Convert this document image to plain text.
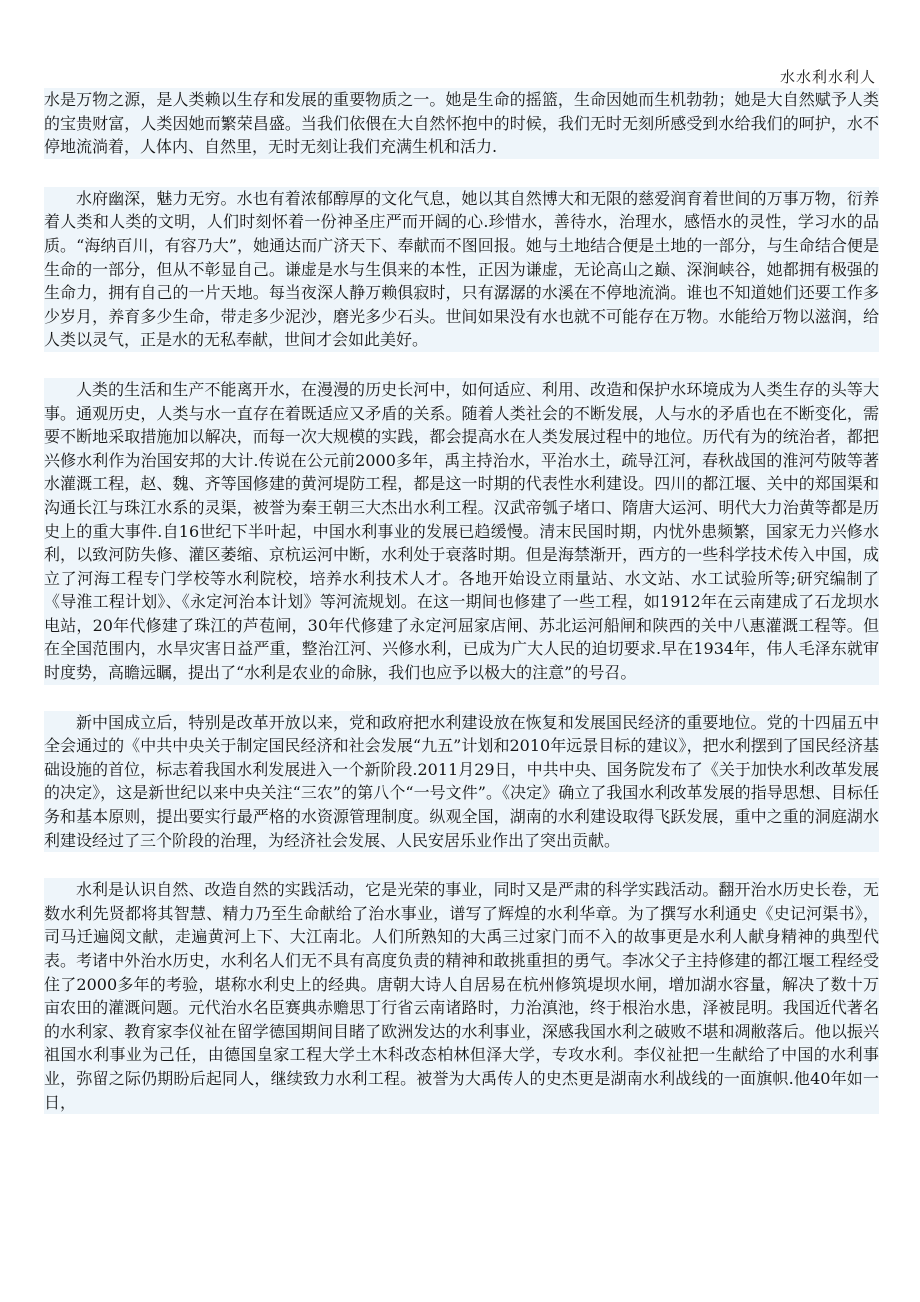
水水利水利人

水是万物之源，是人类赖以生存和发展的重要物质之一。她是生命的摇篮，生命因她而生机勃勃；她是大自然赋予人类的宝贵财富，人类因她而繁荣昌盛。当我们依偎在大自然怀抱中的时候，我们无时无刻所感受到水给我们的呵护，水不停地流淌着，人体内、自然里，无时无刻让我们充满生机和活力.

水府幽深，魅力无穷。水也有着浓郁醇厚的文化气息，她以其自然博大和无限的慈爱润育着世间的万事万物，衍养着人类和人类的文明，人们时刻怀着一份神圣庄严而开阔的心.珍惜水，善待水，治理水，感悟水的灵性，学习水的品质。“海纳百川，有容乃大”，她通达而广济天下、奉献而不图回报。她与土地结合便是土地的一部分，与生命结合便是生命的一部分，但从不彰显自己。谦虚是水与生俱来的本性，正因为谦虚，无论高山之巅、深涧峡谷，她都拥有极强的生命力，拥有自己的一片天地。每当夜深人静万赖俱寂时，只有潺潺的水溪在不停地流淌。谁也不知道她们还要工作多少岁月，养育多少生命，带走多少泥沙，磨光多少石头。世间如果没有水也就不可能存在万物。水能给万物以滋润，给人类以灵气，正是水的无私奉献，世间才会如此美好。

人类的生活和生产不能离开水，在漫漫的历史长河中，如何适应、利用、改造和保护水环境成为人类生存的头等大事。通观历史，人类与水一直存在着既适应又矛盾的关系。随着人类社会的不断发展，人与水的矛盾也在不断变化，需要不断地采取措施加以解决，而每一次大规模的实践，都会提高水在人类发展过程中的地位。历代有为的统治者，都把兴修水利作为治国安邦的大计.传说在公元前2000多年，禹主持治水，平治水土，疏导江河，春秋战国的淮河芍陂等著水灌溉工程，赵、魏、齐等国修建的黄河堤防工程，都是这一时期的代表性水利建设。四川的都江堰、关中的郑国渠和沟通长江与珠江水系的灵渠，被誉为秦王朝三大杰出水利工程。汉武帝瓠子堵口、隋唐大运河、明代大力治黄等都是历史上的重大事件.自16世纪下半叶起，中国水利事业的发展已趋缓慢。清末民国时期，内忧外患频繁，国家无力兴修水利，以致河防失修、灌区萎缩、京杭运河中断，水利处于衰落时期。但是海禁渐开，西方的一些科学技术传入中国，成立了河海工程专门学校等水利院校，培养水利技术人才。各地开始设立雨量站、水文站、水工试验所等;研究编制了《导淮工程计划》、《永定河治本计划》等河流规划。在这一期间也修建了一些工程，如1912年在云南建成了石龙坝水电站，20年代修建了珠江的芦苞闸，30年代修建了永定河屈家店闸、苏北运河船闸和陕西的关中八惠灌溉工程等。但在全国范围内，水旱灾害日益严重，整治江河、兴修水利，已成为广大人民的迫切要求.早在1934年，伟人毛泽东就审时度势，高瞻远瞩，提出了“水利是农业的命脉，我们也应予以极大的注意”的号召。

新中国成立后，特别是改革开放以来，党和政府把水利建设放在恢复和发展国民经济的重要地位。党的十四届五中全会通过的《中共中央关于制定国民经济和社会发展“九五”计划和2010年远景目标的建议》，把水利摆到了国民经济基础设施的首位，标志着我国水利发展进入一个新阶段.2011月29日，中共中央、国务院发布了《关于加快水利改革发展的决定》，这是新世纪以来中央关注“三农”的第八个“一号文件”。《决定》确立了我国水利改革发展的指导思想、目标任务和基本原则，提出要实行最严格的水资源管理制度。纵观全国，湖南的水利建设取得飞跃发展，重中之重的洞庭湖水利建设经过了三个阶段的治理，为经济社会发展、人民安居乐业作出了突出贡献。

水利是认识自然、改造自然的实践活动，它是光荣的事业，同时又是严肃的科学实践活动。翻开治水历史长卷，无数水利先贤都将其智慧、精力乃至生命献给了治水事业，谱写了辉煌的水利华章。为了撰写水利通史《史记河渠书》，司马迁遍阅文献，走遍黄河上下、大江南北。人们所熟知的大禹三过家门而不入的故事更是水利人献身精神的典型代表。考诸中外治水历史，水利名人们无不具有高度负责的精神和敢挑重担的勇气。李冰父子主持修建的都江堰工程经受住了2000多年的考验，堪称水利史上的经典。唐朝大诗人自居易在杭州修筑堤坝水闸，增加湖水容量，解决了数十万亩农田的灌溉问题。元代治水名臣赛典赤赡思丁行省云南诸路时，力治滇池，终于根治水患，泽被昆明。我国近代著名的水利家、教育家李仪祉在留学德国期间目睹了欧洲发达的水利事业，深感我国水利之破败不堪和凋敝落后。他以振兴祖国水利事业为己任，由德国皇家工程大学土木科改态柏林但泽大学，专攻水利。李仪祉把一生献给了中国的水利事业，弥留之际仍期盼后起同人，继续致力水利工程。被誉为大禹传人的史杰更是湖南水利战线的一面旗帜.他40年如一日，
